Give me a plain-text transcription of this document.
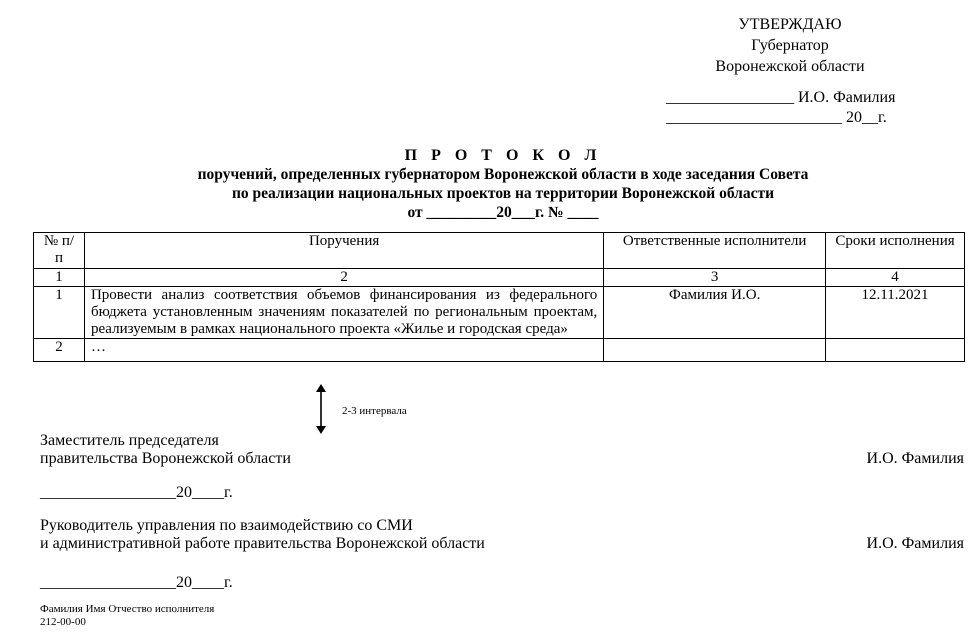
УТВЕРЖДАЮ
Губернатор
Воронежской области
________________ И.О. Фамилия
______________________ 20__г.
П Р О Т О К О Л
поручений, определенных губернатором Воронежской области в ходе заседания Совета
по реализации национальных проектов на территории Воронежской области
от _________20___г. № ____
№ п/п	Поручения	Ответственные исполнители	Сроки исполнения
1	2	3	4
1	Провести анализ соответствия объемов финансирования из федерального бюджета установленным значениям показателей по региональным проектам, реализуемым в рамках национального проекта «Жилье и городская среда»	Фамилия И.О.	12.11.2021
2	…		
2-3 интервала
Заместитель председателя
правительства Воронежской области	И.О. Фамилия
_________________20____г.
Руководитель управления по взаимодействию со СМИ
и административной работе правительства Воронежской области	И.О. Фамилия
_________________20____г.
Фамилия Имя Отчество исполнителя
212-00-00
